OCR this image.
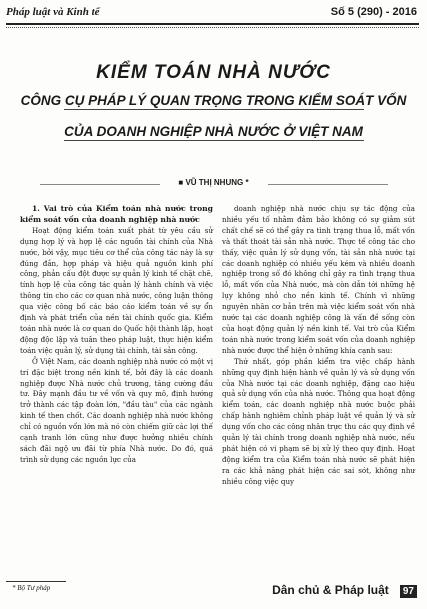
Pháp luật và Kinh tế	Số 5 (290) - 2016
KIỂM TOÁN NHÀ NƯỚC
CÔNG CỤ PHÁP LÝ QUAN TRỌNG TRONG KIỂM SOÁT VỐN
CỦA DOANH NGHIỆP NHÀ NƯỚC Ở VIỆT NAM
■ VŨ THỊ NHUNG *

1. Vai trò của Kiểm toán nhà nước trong kiểm soát vốn của doanh nghiệp nhà nước

Hoạt động kiểm toán xuất phát từ yêu cầu sử dụng hợp lý và hợp lệ các nguồn tài chính của Nhà nước, bởi vậy, mục tiêu cơ thể của công tác này là sự đúng đắn, hợp pháp và hiệu quả nguồn kinh phí công, phản cấu đột được sự quản lý kinh tế chặt chẽ, tính hợp lệ của công tác quản lý hành chính và việc thông tin cho các cơ quan nhà nước, công luận thông qua việc công bố các báo cáo kiểm toán về sự ổn định và phát triển của nền tài chính quốc gia. Kiểm toán nhà nước là cơ quan do Quốc hội thành lập, hoạt động độc lập và tuân theo pháp luật, thực hiện kiểm toán việc quản lý, sử dụng tài chính, tài sản công.

Ở Việt Nam, các doanh nghiệp nhà nước có một vị trí đặc biệt trong nền kinh tế, bởi đây là các doanh nghiệp được Nhà nước chủ trương, tăng cường đầu tư. Đây mạnh đầu tư về vốn và quy mô, định hướng trở thành các tập đoàn lớn, "đầu tàu" của các ngành kinh tế then chốt. Các doanh nghiệp nhà nước không chỉ có nguồn vốn lớn mà nó còn chiếm giữ các lợi thế cạnh tranh lớn cũng như được hưởng nhiều chính sách đãi ngộ ưu đãi từ phía Nhà nước. Do đó, quá trình sử dụng các nguồn lực của

doanh nghiệp nhà nước chịu sự tác động của nhiều yếu tố nhằm đảm bảo không có sự giảm sút chất chế sẽ có thể gây ra tình trạng thua lỗ, mất vốn và thất thoát tài sản nhà nước. Thực tế công tác cho thấy, việc quản lý sử dụng vốn, tài sản nhà nước tại các doanh nghiệp có nhiều yếu kém và nhiều doanh nghiệp trong số đó không chỉ gây ra tình trạng thua lỗ, mất vốn của Nhà nước, mà còn dẫn tới những hệ lụy không nhỏ cho nền kinh tế. Chính vì những nguyên nhân cơ bản trên mà việc kiểm soát vốn nhà nước tại các doanh nghiệp công là vấn đề sống còn của hoạt động quản lý nền kinh tế. Vai trò của Kiểm toán nhà nước trong kiểm soát vốn của doanh nghiệp nhà nước được thể hiện ở những khía cạnh sau:

Thứ nhất, góp phần kiểm tra việc chấp hành những quy định hiện hành về quản lý và sử dụng vốn của Nhà nước tại các doanh nghiệp, đặng cao hiệu quả sử dụng vốn của nhà nước. Thông qua hoạt động kiểm toán, các doanh nghiệp nhà nước buộc phải chấp hành nghiêm chỉnh pháp luật về quản lý và sử dụng vốn cho các công nhân trực thu các quy định về quản lý tài chính trong doanh nghiệp nhà nước, nếu phát hiện có vi phạm sẽ bị xử lý theo quy định. Hoạt động kiểm tra của Kiểm toán nhà nước sẽ phát hiện ra các khả năng phát hiện các sai sót, không như nhiều công việc quy

* Bộ Tư pháp	Dân chủ & Pháp luật 97
